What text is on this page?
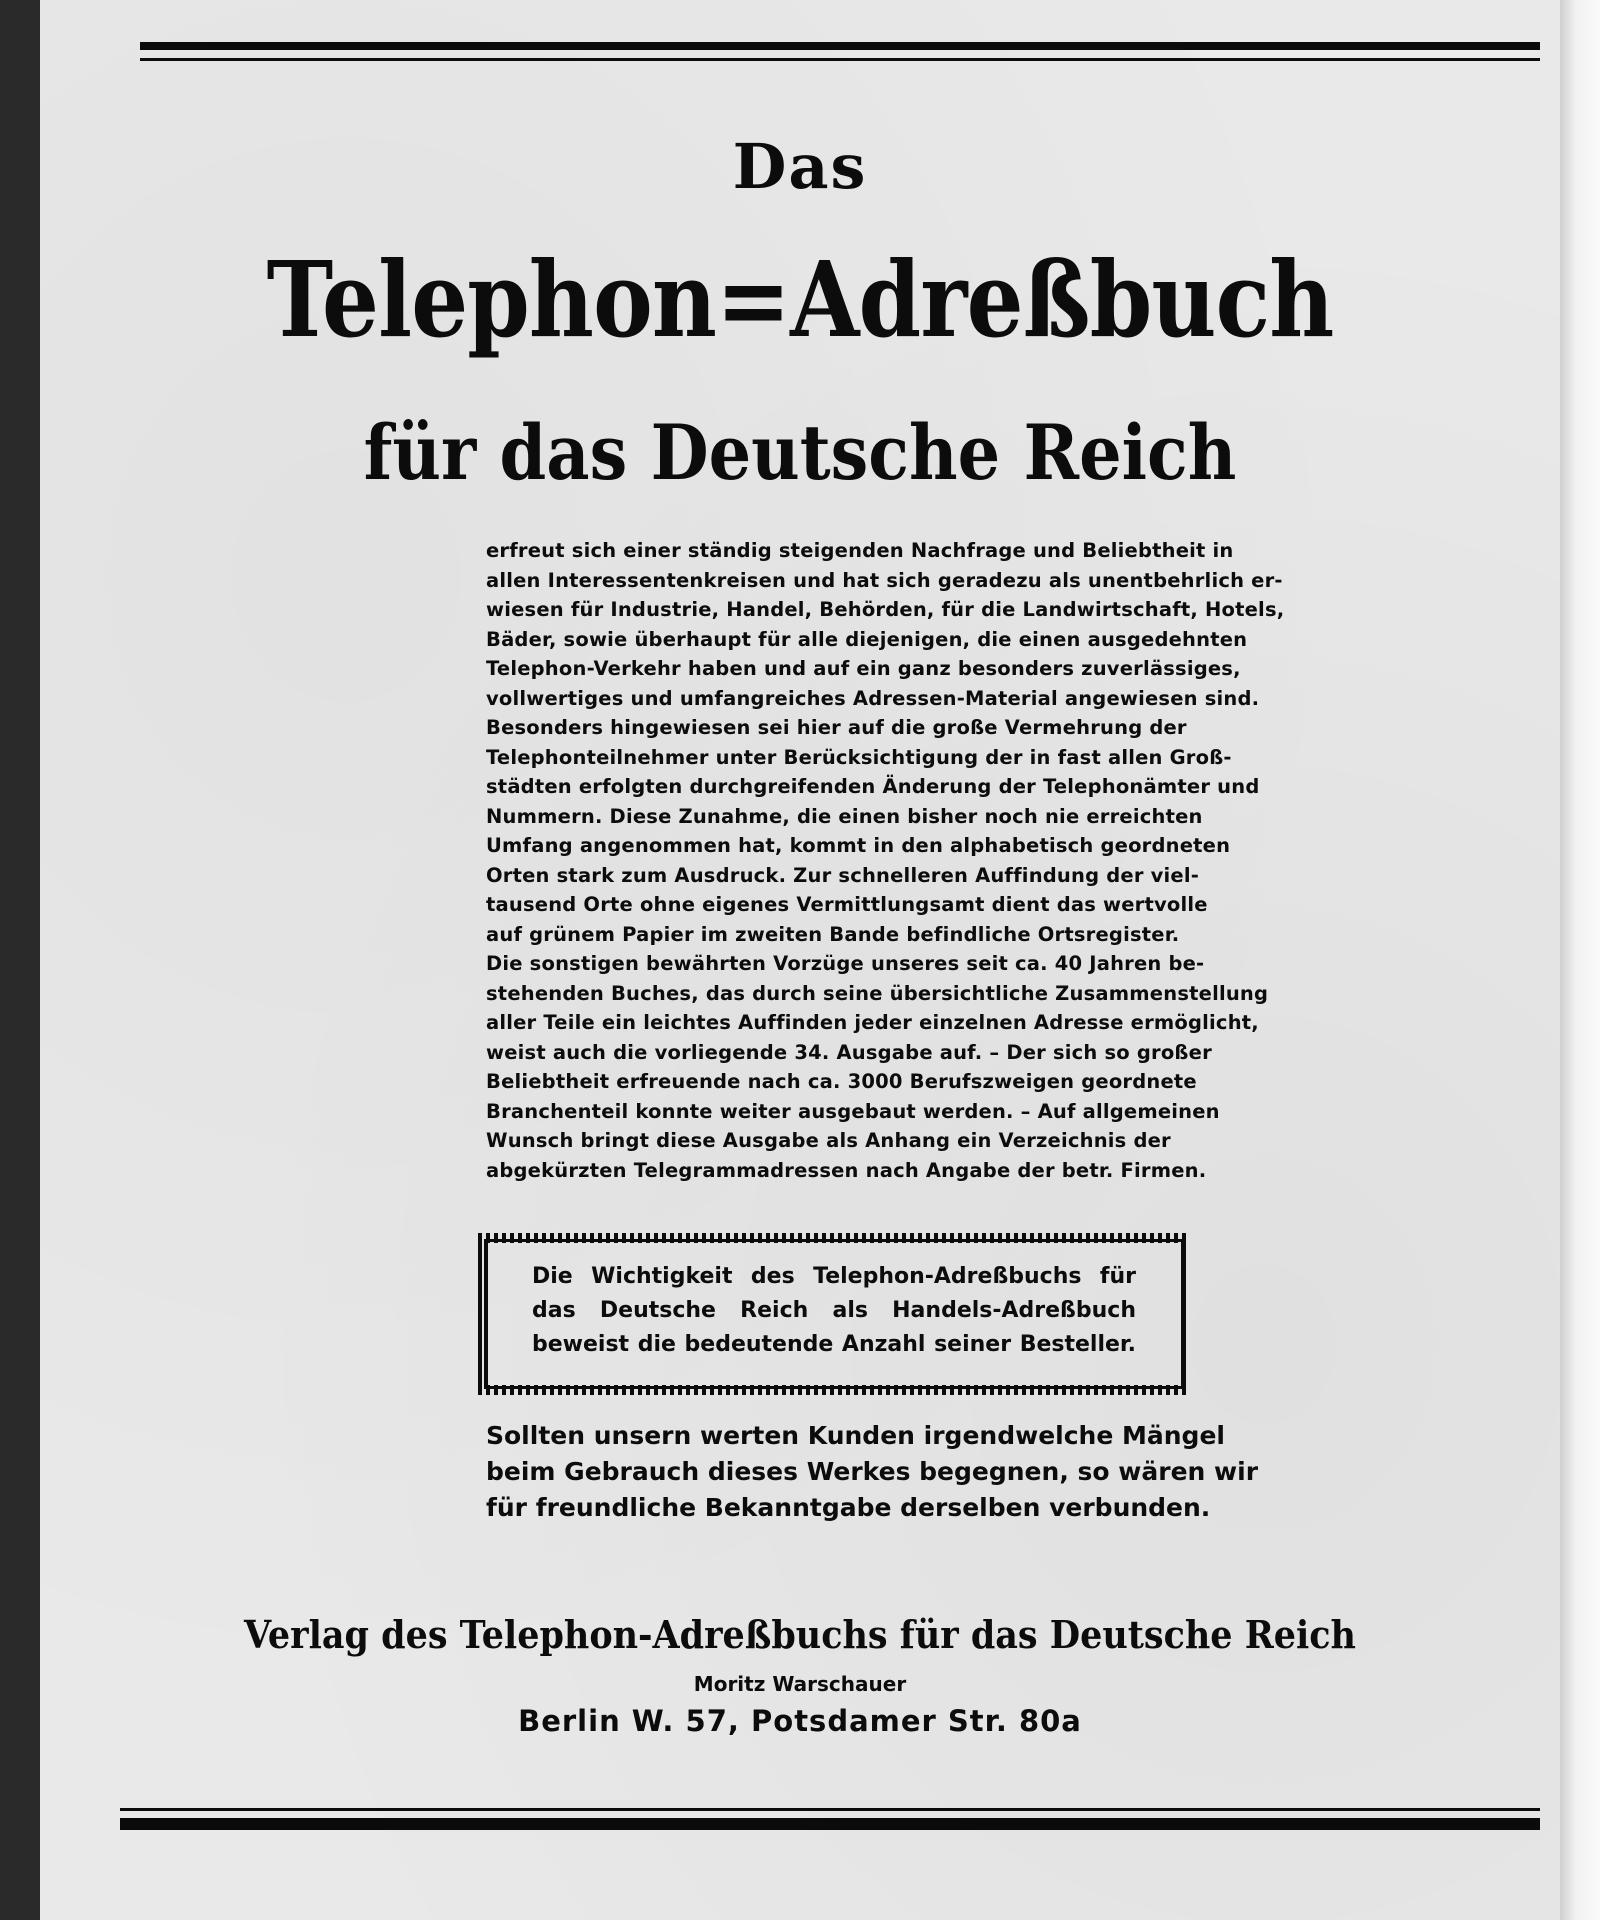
Das
Telephon=Adreßbuch
für das Deutsche Reich
erfreut sich einer ständig steigenden Nachfrage und Beliebtheit in
allen Interessentenkreisen und hat sich geradezu als unentbehrlich er-
wiesen für Industrie, Handel, Behörden, für die Landwirtschaft, Hotels,
Bäder, sowie überhaupt für alle diejenigen, die einen ausgedehnten
Telephon-Verkehr haben und auf ein ganz besonders zuverlässiges,
vollwertiges und umfangreiches Adressen-Material angewiesen sind.
Besonders hingewiesen sei hier auf die große Vermehrung der
Telephonteilnehmer unter Berücksichtigung der in fast allen Groß-
städten erfolgten durchgreifenden Änderung der Telephonämter und
Nummern. Diese Zunahme, die einen bisher noch nie erreichten
Umfang angenommen hat, kommt in den alphabetisch geordneten
Orten stark zum Ausdruck. Zur schnelleren Auffindung der viel-
tausend Orte ohne eigenes Vermittlungsamt dient das wertvolle
auf grünem Papier im zweiten Bande befindliche Ortsregister.
Die sonstigen bewährten Vorzüge unseres seit ca. 40 Jahren be-
stehenden Buches, das durch seine übersichtliche Zusammenstellung
aller Teile ein leichtes Auffinden jeder einzelnen Adresse ermöglicht,
weist auch die vorliegende 34. Ausgabe auf. – Der sich so großer
Beliebtheit erfreuende nach ca. 3000 Berufszweigen geordnete
Branchenteil konnte weiter ausgebaut werden. – Auf allgemeinen
Wunsch bringt diese Ausgabe als Anhang ein Verzeichnis der
abgekürzten Telegrammadressen nach Angabe der betr. Firmen.
Die Wichtigkeit des Telephon-Adreßbuchs für
das Deutsche Reich als Handels-Adreßbuch
beweist die bedeutende Anzahl seiner Besteller.
Sollten unsern werten Kunden irgendwelche Mängel
beim Gebrauch dieses Werkes begegnen, so wären wir
für freundliche Bekanntgabe derselben verbunden.
Verlag des Telephon-Adreßbuchs für das Deutsche Reich
Moritz Warschauer
Berlin W. 57, Potsdamer Str. 80a
